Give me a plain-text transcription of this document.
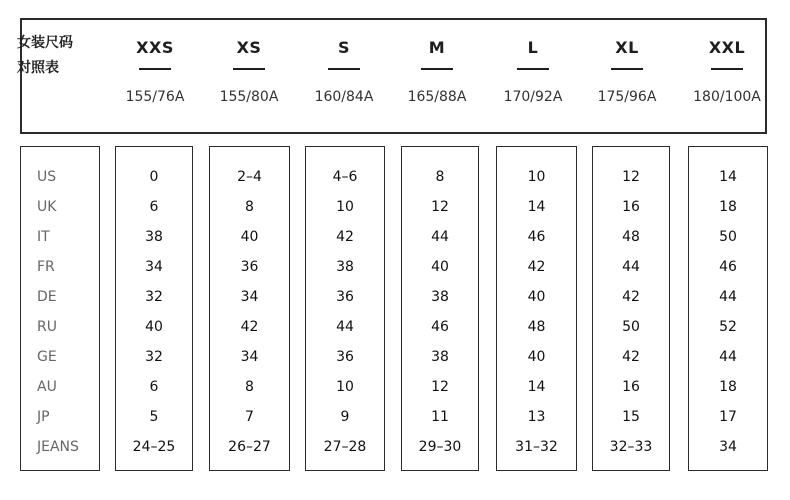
女装尺码
对照表
XXS
155/76A
XS
155/80A
S
160/84A
M
165/88A
L
170/92A
XL
175/96A
XXL
180/100A
US
UK
IT
FR
DE
RU
GE
AU
JP
JEANS
0
6
38
34
32
40
32
6
5
24–25
2–4
8
40
36
34
42
34
8
7
26–27
4–6
10
42
38
36
44
36
10
9
27–28
8
12
44
40
38
46
38
12
11
29–30
10
14
46
42
40
48
40
14
13
31–32
12
16
48
44
42
50
42
16
15
32–33
14
18
50
46
44
52
44
18
17
34
